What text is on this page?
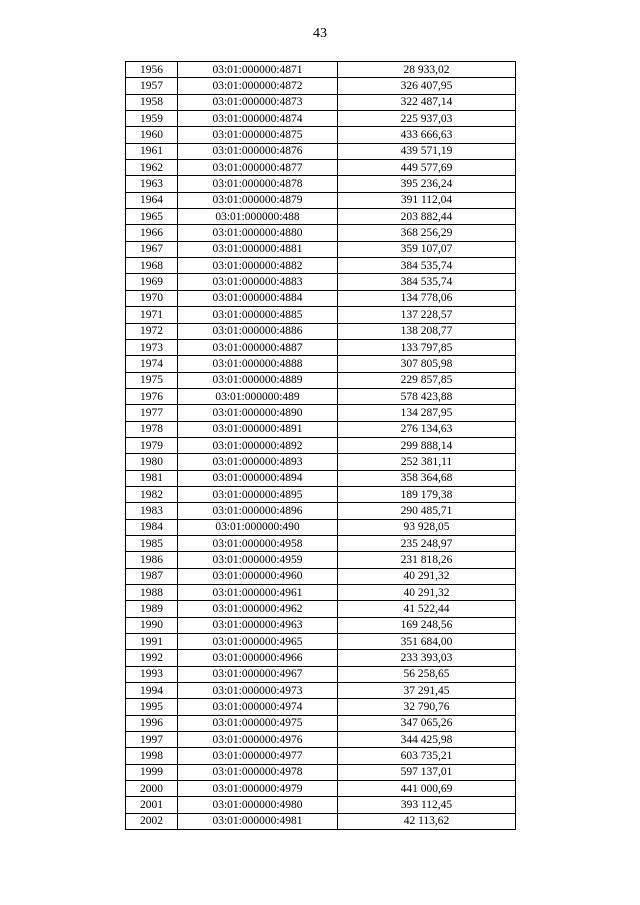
43
1956	03:01:000000:4871	28 933,02
1957	03:01:000000:4872	326 407,95
1958	03:01:000000:4873	322 487,14
1959	03:01:000000:4874	225 937,03
1960	03:01:000000:4875	433 666,63
1961	03:01:000000:4876	439 571,19
1962	03:01:000000:4877	449 577,69
1963	03:01:000000:4878	395 236,24
1964	03:01:000000:4879	391 112,04
1965	03:01:000000:488	203 882,44
1966	03:01:000000:4880	368 256,29
1967	03:01:000000:4881	359 107,07
1968	03:01:000000:4882	384 535,74
1969	03:01:000000:4883	384 535,74
1970	03:01:000000:4884	134 778,06
1971	03:01:000000:4885	137 228,57
1972	03:01:000000:4886	138 208,77
1973	03:01:000000:4887	133 797,85
1974	03:01:000000:4888	307 805,98
1975	03:01:000000:4889	229 857,85
1976	03:01:000000:489	578 423,88
1977	03:01:000000:4890	134 287,95
1978	03:01:000000:4891	276 134,63
1979	03:01:000000:4892	299 888,14
1980	03:01:000000:4893	252 381,11
1981	03:01:000000:4894	358 364,68
1982	03:01:000000:4895	189 179,38
1983	03:01:000000:4896	290 485,71
1984	03:01:000000:490	93 928,05
1985	03:01:000000:4958	235 248,97
1986	03:01:000000:4959	231 818,26
1987	03:01:000000:4960	40 291,32
1988	03:01:000000:4961	40 291,32
1989	03:01:000000:4962	41 522,44
1990	03:01:000000:4963	169 248,56
1991	03:01:000000:4965	351 684,00
1992	03:01:000000:4966	233 393,03
1993	03:01:000000:4967	56 258,65
1994	03:01:000000:4973	37 291,45
1995	03:01:000000:4974	32 790,76
1996	03:01:000000:4975	347 065,26
1997	03:01:000000:4976	344 425,98
1998	03:01:000000:4977	603 735,21
1999	03:01:000000:4978	597 137,01
2000	03:01:000000:4979	441 000,69
2001	03:01:000000:4980	393 112,45
2002	03:01:000000:4981	42 113,62
